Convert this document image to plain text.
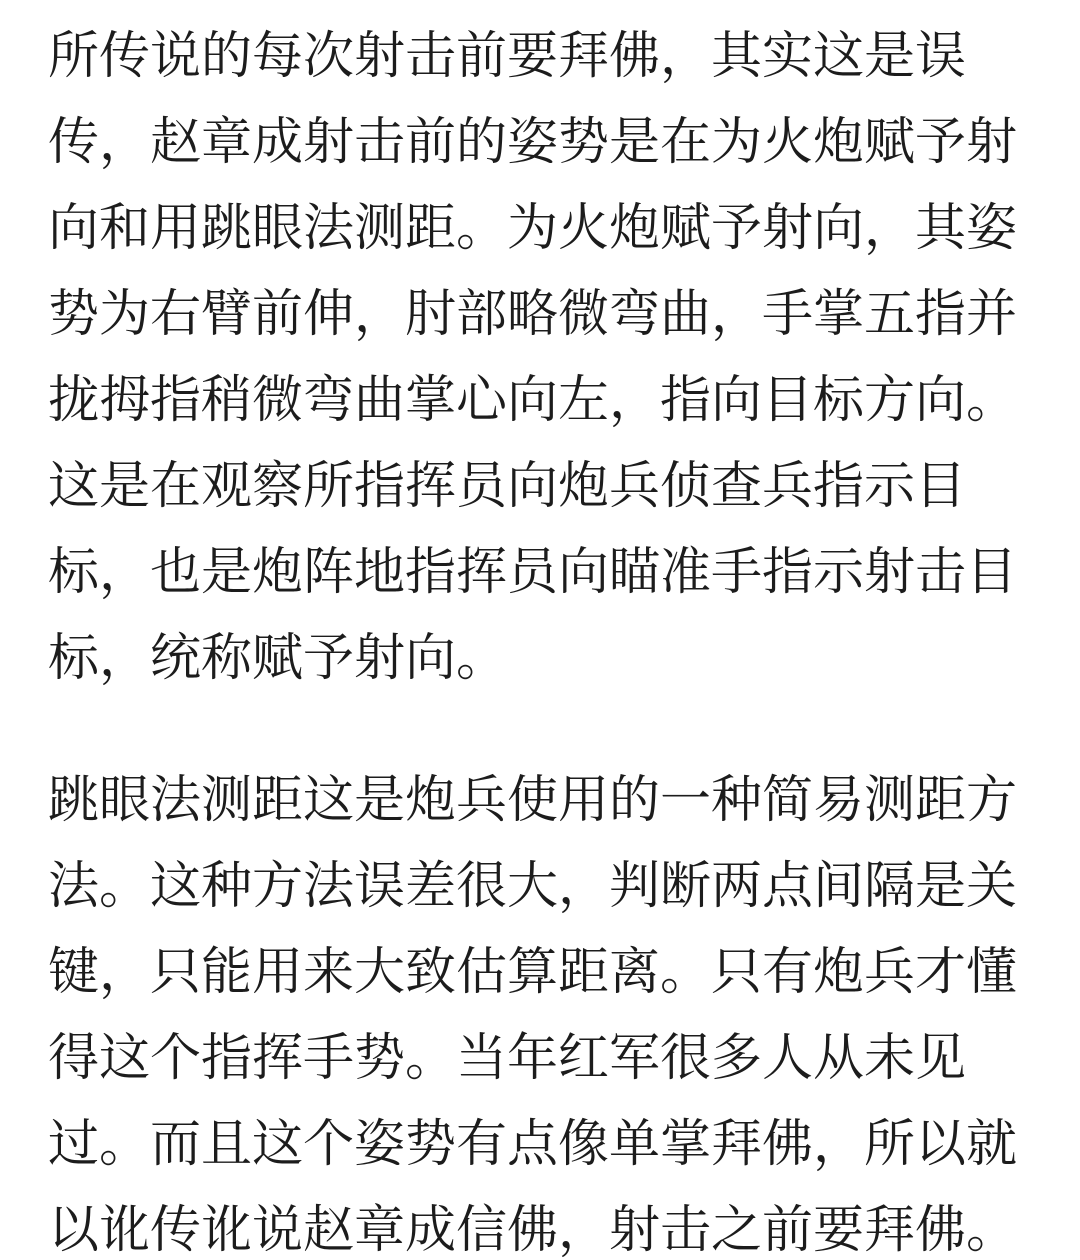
所传说的每次射击前要拜佛，其实这是误
传，赵章成射击前的姿势是在为火炮赋予射
向和用跳眼法测距。为火炮赋予射向，其姿
势为右臂前伸，肘部略微弯曲，手掌五指并
拢拇指稍微弯曲掌心向左，指向目标方向。
这是在观察所指挥员向炮兵侦查兵指示目
标，也是炮阵地指挥员向瞄准手指示射击目
标，统称赋予射向。
跳眼法测距这是炮兵使用的一种简易测距方
法。这种方法误差很大，判断两点间隔是关
键，只能用来大致估算距离。只有炮兵才懂
得这个指挥手势。当年红军很多人从未见
过。而且这个姿势有点像单掌拜佛，所以就
以讹传讹说赵章成信佛，射击之前要拜佛。
